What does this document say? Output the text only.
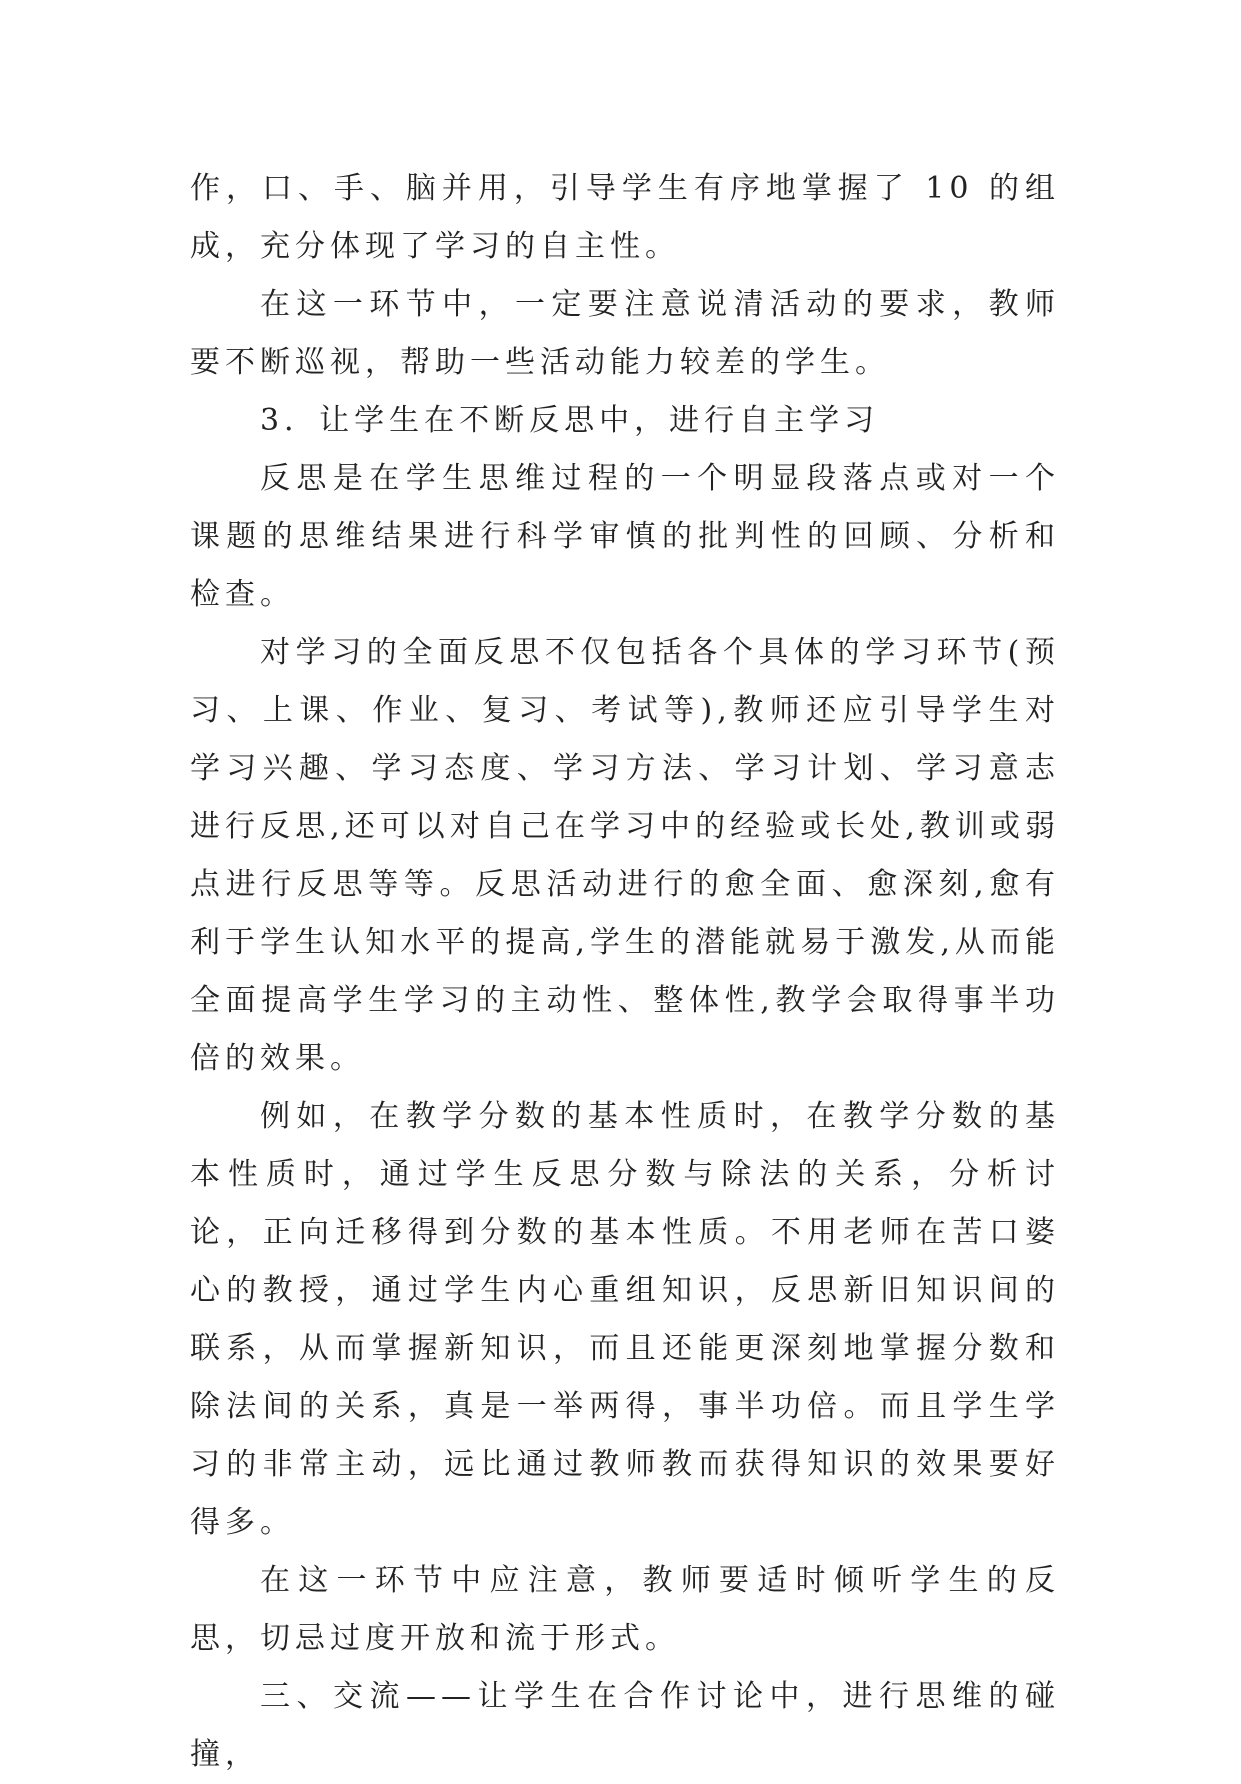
作，口、手、脑并用，引导学生有序地掌握了 10 的组成，充分体现了学习的自主性。

在这一环节中，一定要注意说清活动的要求，教师要不断巡视，帮助一些活动能力较差的学生。

3．让学生在不断反思中，进行自主学习

反思是在学生思维过程的一个明显段落点或对一个课题的思维结果进行科学审慎的批判性的回顾、分析和检查。

对学习的全面反思不仅包括各个具体的学习环节(预习、上课、作业、复习、考试等),教师还应引导学生对学习兴趣、学习态度、学习方法、学习计划、学习意志进行反思,还可以对自己在学习中的经验或长处,教训或弱点进行反思等等。反思活动进行的愈全面、愈深刻,愈有利于学生认知水平的提高,学生的潜能就易于激发,从而能全面提高学生学习的主动性、整体性,教学会取得事半功倍的效果。

例如，在教学分数的基本性质时，在教学分数的基本性质时，通过学生反思分数与除法的关系，分析讨论，正向迁移得到分数的基本性质。不用老师在苦口婆心的教授，通过学生内心重组知识，反思新旧知识间的联系，从而掌握新知识，而且还能更深刻地掌握分数和除法间的关系，真是一举两得，事半功倍。而且学生学习的非常主动，远比通过教师教而获得知识的效果要好得多。

在这一环节中应注意，教师要适时倾听学生的反思，切忌过度开放和流于形式。

三、交流——让学生在合作讨论中，进行思维的碰撞，
